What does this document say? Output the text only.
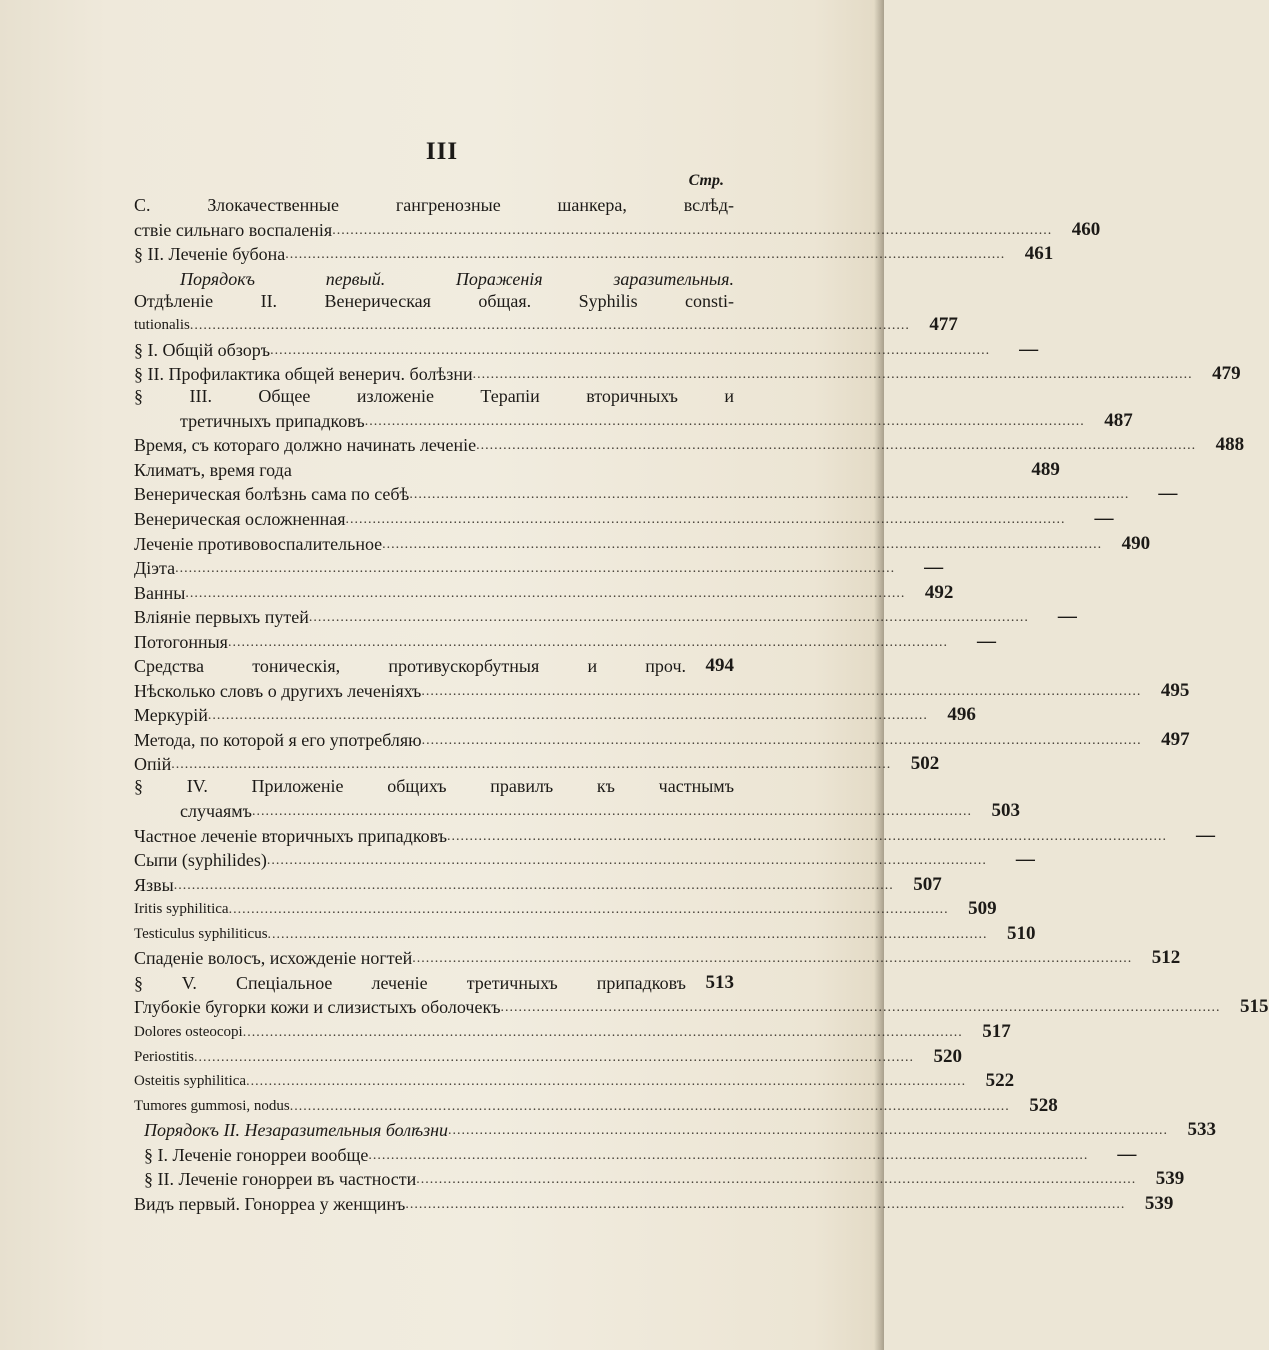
III
Стр.
С. Злокачественные гангренозные шанкера, вслѣд-
ствіе сильнаго воспаленія .....	460
§ II. Леченіе бубона .....	461
Порядокъ первый. Пораженія заразительныя.
Отдѣленіе II. Венерическая общая. Syphilis consti-
tutionalis .....	477
§ I. Общій обзоръ .....	—
§ II. Профилактика общей венерич. болѣзни .....	479
§ III. Общее изложеніе Терапіи вторичныхъ и
третичныхъ припадковъ .....	487
Время, съ котораго должно начинать леченіе .....	488
Климатъ, время года	489
Венерическая болѣзнь сама по себѣ .....	—
Венерическая осложненная .....	—
Леченіе противовоспалительное .....	490
Діэта .....	—
Ванны .....	492
Вліяніе первыхъ путей .....	—
Потогонныя .....	—
Средства тоническія, противускорбутныя и проч.	494
Нѣсколько словъ о другихъ леченіяхъ .....	495
Меркурій .....	496
Метода, по которой я его употребляю .....	497
Опій .....	502
§ IV. Приложеніе общихъ правилъ къ частнымъ
случаямъ .....	503
Частное леченіе вторичныхъ припадковъ .....	—
Сыпи (syphilides) .....	—
Язвы .....	507
Iritis syphilitica .....	509
Testiculus syphiliticus .....	510
Спаденіе волосъ, исхожденіе ногтей .....	512
§ V. Спеціальное леченіе третичныхъ припадковъ	513
Глубокіе бугорки кожи и слизистыхъ оболочекъ .....	515
Dolores osteocopi .....	517
Periostitis .....	520
Osteitis syphilitica .....	522
Tumores gummosi, nodus .....	528
Порядокъ II. Незаразительныя болѣзни .....	533
§ I. Леченіе гонорреи вообще .....	—
§ II. Леченіе гонорреи въ частности .....	539
Видъ первый. Гонорреа у женщинъ .....	539
